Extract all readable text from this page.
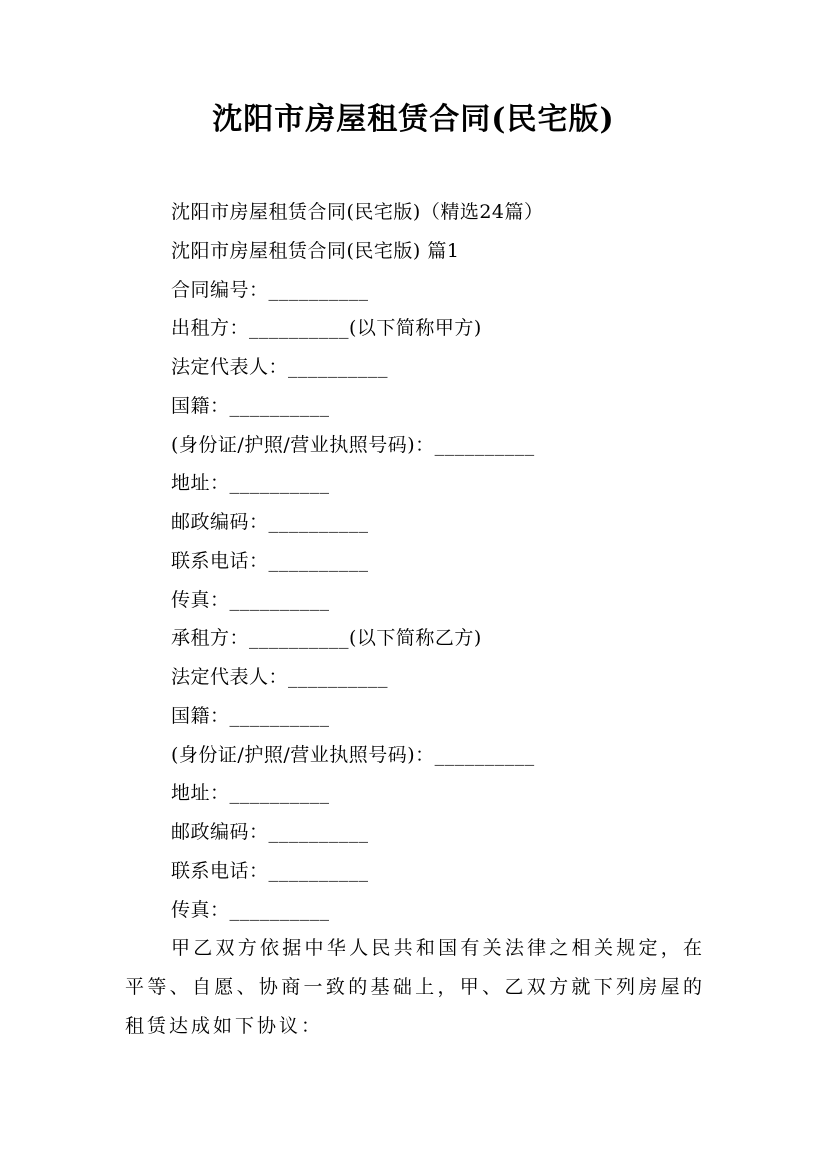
沈阳市房屋租赁合同(民宅版)
沈阳市房屋租赁合同(民宅版)（精选24篇）
沈阳市房屋租赁合同(民宅版) 篇1
合同编号：__________
出租方：__________(以下简称甲方)
法定代表人：__________
国籍：__________
(身份证/护照/营业执照号码)：__________
地址：__________
邮政编码：__________
联系电话：__________
传真：__________
承租方：__________(以下简称乙方)
法定代表人：__________
国籍：__________
(身份证/护照/营业执照号码)：__________
地址：__________
邮政编码：__________
联系电话：__________
传真：__________
甲乙双方依据中华人民共和国有关法律之相关规定，在平等、自愿、协商一致的基础上，甲、乙双方就下列房屋的租赁达成如下协议：
